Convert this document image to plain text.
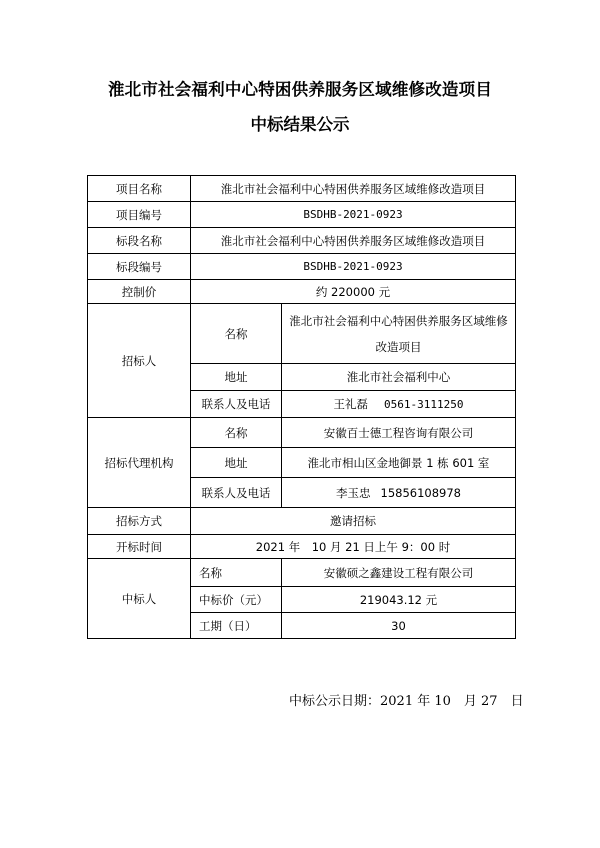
淮北市社会福利中心特困供养服务区域维修改造项目
中标结果公示
项目名称	淮北市社会福利中心特困供养服务区域维修改造项目	
项目编号	BSDHB-2021-0923	
标段名称	淮北市社会福利中心特困供养服务区域维修改造项目	
标段编号	BSDHB-2021-0923	
控制价	约 220000 元	
招标人	名称	淮北市社会福利中心特困供养服务区域维修改造项目
	地址	淮北市社会福利中心
	联系人及电话	王礼磊 0561-3111250
招标代理机构	名称	安徽百士德工程咨询有限公司
	地址	淮北市相山区金地御景 1 栋 601 室
	联系人及电话	李玉忠 15856108978
招标方式	邀请招标	
开标时间	2021 年　10 月 21 日上午 9：00 时	
中标人	名称	安徽硕之鑫建设工程有限公司
	中标价（元）	219043.12 元
	工期（日）	30
中标公示日期：2021 年 10　月 27　日
